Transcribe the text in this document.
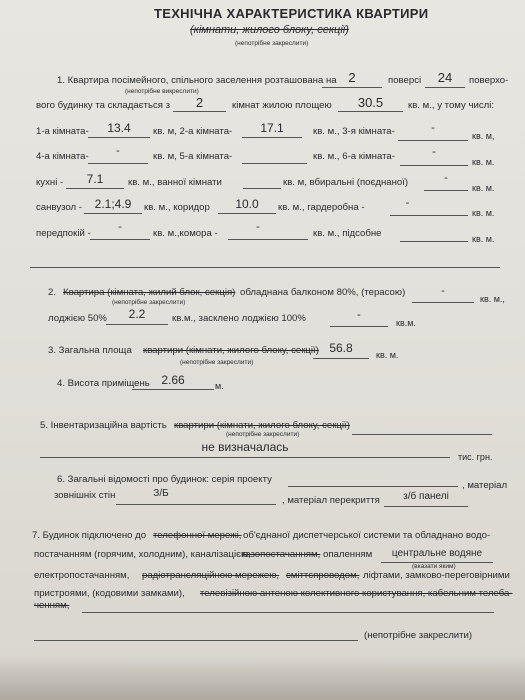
ТЕХНІЧНА ХАРАКТЕРИСТИКА КВАРТИРИ
(кімнати, жилого блоку, секції)
(непотрібне закреслити)
1. Квартира посімейного, спільного заселення розташована на 2	поверсі	24	поверхо-
(непотрібне викреслити)
вого будинку та складається з	2	кімнат жилою площею	30.5	кв. м., у тому числі:
1-а кімната-	13.4	кв. м, 2-а кімната-	17.1	кв. м., 3-я кімната-	-
кв. м,
4-а кімната-	-	кв. м, 5-а кімната-	кв. м., 6-а кімната-	-
кв. м.
кухні -	7.1	кв. м., ванної кімнати	кв. м, вбиральні (поєднаної)	-
кв. м.
санвузол -	2.1;4.9	кв. м., коридор	10.0	кв. м., гардеробна -	-
кв. м.
передпокій -
-
кв. м.,комора -
-
кв. м., підсобне	кв. м.
2. Квартира (кімната, жилий блок, секція) обладнана балконом 80%, (терасою)	-
кв. м.,
(непотрібне закреслити)
лоджією 50%	2.2	кв.м., засклено лоджією 100%	-
кв.м.
3. Загальна площа квартири (кімнати, жилого блоку, секції) 56.8	кв. м.
(непотрібне закреслити)
4. Висота приміщень 2.66	м.
5. Інвентаризаційна вартість квартири (кімнати, жилого блоку, секції)
(непотрібне закреслити)
не визначалась
тис. грн.
6. Загальні відомості про будинок: серія проекту
, матеріал
зовнішніх стін	З/Б
, матеріал перекриття	з/б панелі
7. Будинок підключено до телефонної мережі, об'єднаної диспетчерської системи та обладнано водо-
постачанням (горячим, холодним), каналізацією,
газопостачанням, опаленням	центральне водяне
(вказати яким)
електропостачанням, радіотрансляційною мережею, сміттєпроводом, ліфтами, замково-переговірними
пристроями, (кодовими замками), телевізійною антеною колективного користування, кабельним телеба-
ченням,
(непотрібне закреслити)
